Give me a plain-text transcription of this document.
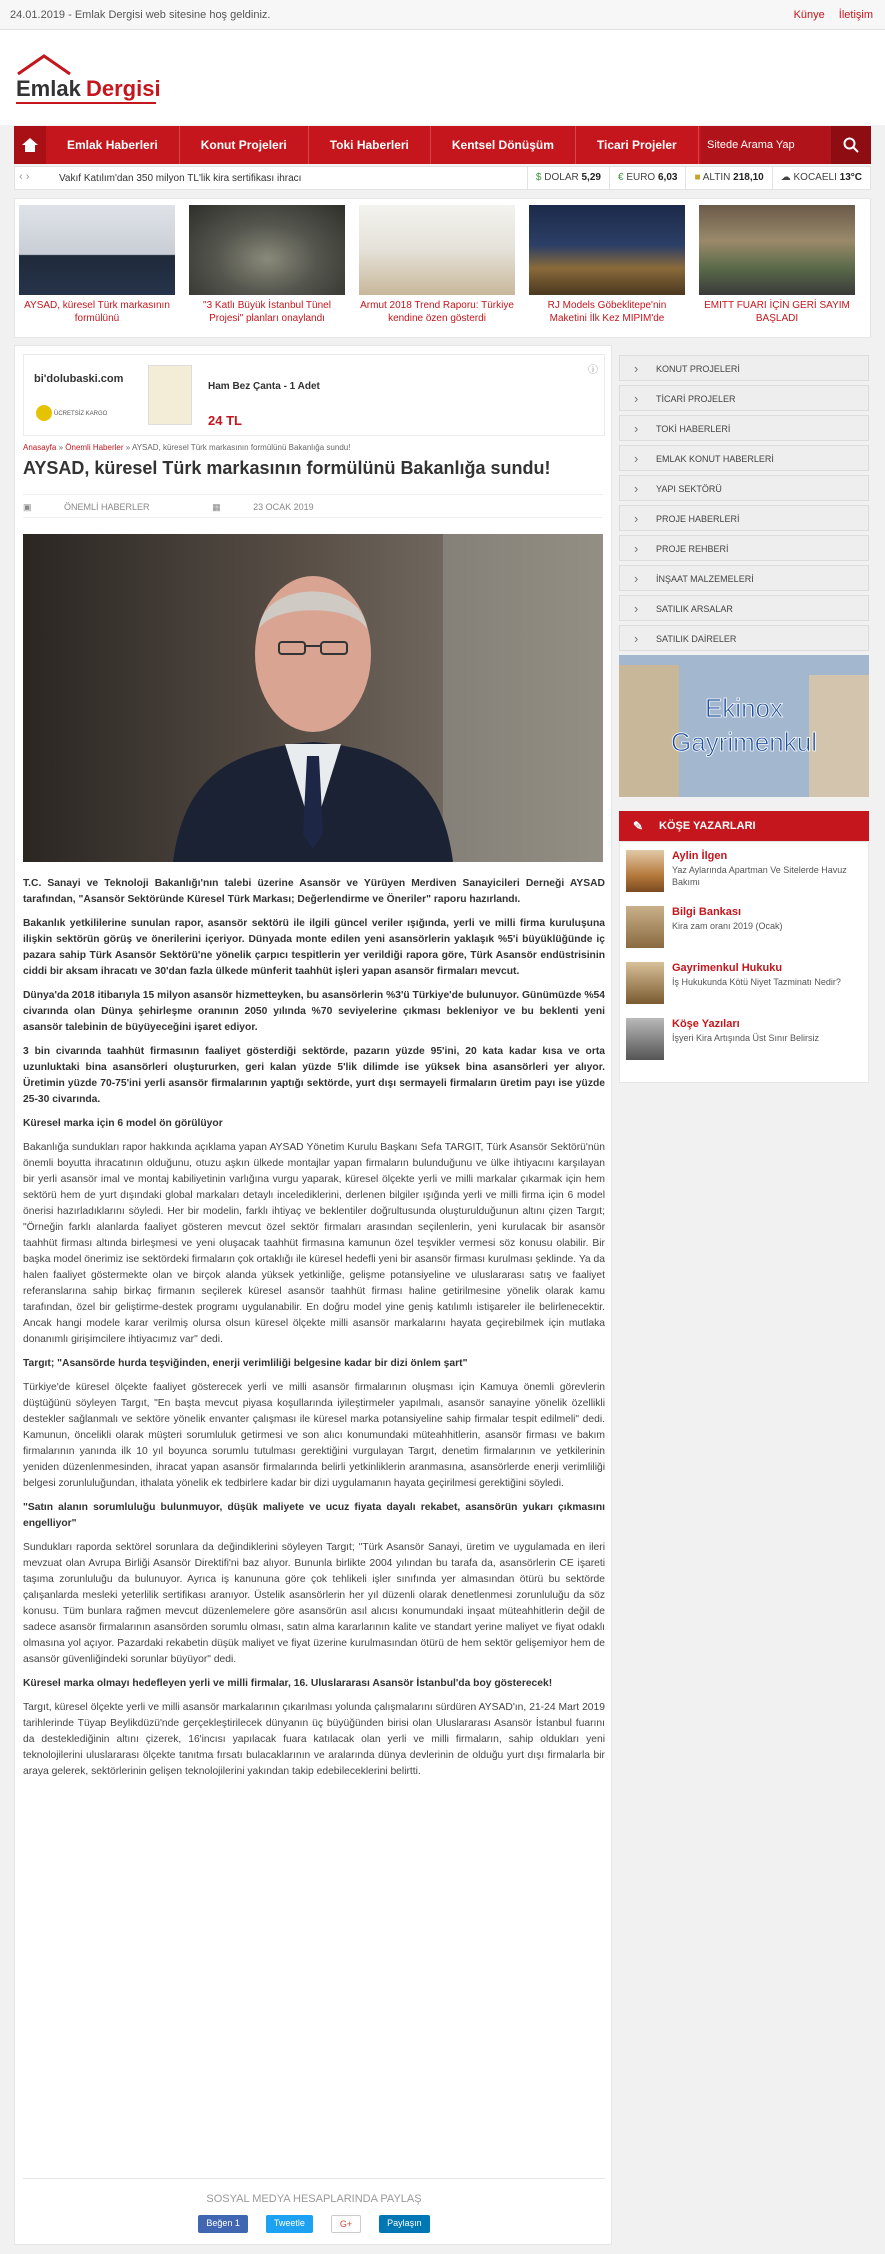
24.01.2019 - Emlak Dergisi web sitesine hoş geldiniz.	Künye İletişim
Emlak Dergisi
Emlak Haberleri	Konut Projeleri	Toki Haberleri	Kentsel Dönüşüm	Ticari Projeler	Sitede Arama Yap
‹ ›	Vakıf Katılım'dan 350 milyon TL'lik kira sertifikası ihracı	$ DOLAR 5,29	€ EURO 6,03	■ ALTIN 218,10	☁ KOCAELI 13°C
AYSAD, küresel Türk markasının formülünü
"3 Katlı Büyük İstanbul Tünel Projesi" planları onaylandı
Armut 2018 Trend Raporu: Türkiye kendine özen gösterdi
RJ Models Göbeklitepe'nin Maketini İlk Kez MIPIM'de
EMITT FUARI İÇİN GERİ SAYIM BAŞLADI
bi'dolubaski.com
ÜCRETSİZ KARGO
Ham Bez Çanta - 1 Adet
24 TL
ⓘ
Anasayfa » Önemli Haberler » AYSAD, küresel Türk markasının formülünü Bakanlığa sundu!
AYSAD, küresel Türk markasının formülünü Bakanlığa sundu!
▣	ÖNEMLİ HABERLER	▦	23 OCAK 2019

T.C. Sanayi ve Teknoloji Bakanlığı'nın talebi üzerine Asansör ve Yürüyen Merdiven Sanayicileri Derneği AYSAD tarafından, "Asansör Sektöründe Küresel Türk Markası; Değerlendirme ve Öneriler" raporu hazırlandı.

Bakanlık yetkililerine sunulan rapor, asansör sektörü ile ilgili güncel veriler ışığında, yerli ve milli firma kuruluşuna ilişkin sektörün görüş ve önerilerini içeriyor. Dünyada monte edilen yeni asansörlerin yaklaşık %5'i büyüklüğünde iç pazara sahip Türk Asansör Sektörü'ne yönelik çarpıcı tespitlerin yer verildiği rapora göre, Türk Asansör endüstrisinin ciddi bir aksam ihracatı ve 30'dan fazla ülkede münferit taahhüt işleri yapan asansör firmaları mevcut.

Dünya'da 2018 itibarıyla 15 milyon asansör hizmetteyken, bu asansörlerin %3'ü Türkiye'de bulunuyor. Günümüzde %54 civarında olan Dünya şehirleşme oranının 2050 yılında %70 seviyelerine çıkması bekleniyor ve bu beklenti yeni asansör talebinin de büyüyeceğini işaret ediyor.

3 bin civarında taahhüt firmasının faaliyet gösterdiği sektörde, pazarın yüzde 95'ini, 20 kata kadar kısa ve orta uzunluktaki bina asansörleri oluştururken, geri kalan yüzde 5'lik dilimde ise yüksek bina asansörleri yer alıyor. Üretimin yüzde 70-75'ini yerli asansör firmalarının yaptığı sektörde, yurt dışı sermayeli firmaların üretim payı ise yüzde 25-30 civarında.

Küresel marka için 6 model ön görülüyor

Bakanlığa sundukları rapor hakkında açıklama yapan AYSAD Yönetim Kurulu Başkanı Sefa TARGIT, Türk Asansör Sektörü'nün önemli boyutta ihracatının olduğunu, otuzu aşkın ülkede montajlar yapan firmaların bulunduğunu ve ülke ihtiyacını karşılayan bir yerli asansör imal ve montaj kabiliyetinin varlığına vurgu yaparak, küresel ölçekte yerli ve milli markalar çıkarmak için hem sektörü hem de yurt dışındaki global markaları detaylı incelediklerini, derlenen bilgiler ışığında yerli ve milli firma için 6 model önerisi hazırladıklarını söyledi. Her bir modelin, farklı ihtiyaç ve beklentiler doğrultusunda oluşturulduğunun altını çizen Targıt; "Örneğin farklı alanlarda faaliyet gösteren mevcut özel sektör firmaları arasından seçilenlerin, yeni kurulacak bir asansör taahhüt firması altında birleşmesi ve yeni oluşacak taahhüt firmasına kamunun özel teşvikler vermesi söz konusu olabilir. Bir başka model önerimiz ise sektördeki firmaların çok ortaklığı ile küresel hedefli yeni bir asansör firması kurulması şeklinde. Ya da halen faaliyet göstermekte olan ve birçok alanda yüksek yetkinliğe, gelişme potansiyeline ve uluslararası satış ve faaliyet referanslarına sahip birkaç firmanın seçilerek küresel asansör taahhüt firması haline getirilmesine yönelik olarak kamu tarafından, özel bir geliştirme-destek programı uygulanabilir. En doğru model yine geniş katılımlı istişareler ile belirlenecektir. Ancak hangi modele karar verilmiş olursa olsun küresel ölçekte milli asansör markalarını hayata geçirebilmek için mutlaka donanımlı girişimcilere ihtiyacımız var" dedi.

Targıt; "Asansörde hurda teşviğinden, enerji verimliliği belgesine kadar bir dizi önlem şart"

Türkiye'de küresel ölçekte faaliyet gösterecek yerli ve milli asansör firmalarının oluşması için Kamuya önemli görevlerin düştüğünü söyleyen Targıt, "En başta mevcut piyasa koşullarında iyileştirmeler yapılmalı, asansör sanayine yönelik özellikli destekler sağlanmalı ve sektöre yönelik envanter çalışması ile küresel marka potansiyeline sahip firmalar tespit edilmeli" dedi. Kamunun, öncelikli olarak müşteri sorumluluk getirmesi ve son alıcı konumundaki müteahhitlerin, asansör firması ve bakım firmalarının yanında ilk 10 yıl boyunca sorumlu tutulması gerektiğini vurgulayan Targıt, denetim firmalarının ve yetkilerinin yeniden düzenlenmesinden, ihracat yapan asansör firmalarında belirli yetkinliklerin aranmasına, asansörlerde enerji verimliliği belgesi zorunluluğundan, ithalata yönelik ek tedbirlere kadar bir dizi uygulamanın hayata geçirilmesi gerektiğini söyledi.

"Satın alanın sorumluluğu bulunmuyor, düşük maliyete ve ucuz fiyata dayalı rekabet, asansörün yukarı çıkmasını engelliyor"

Sundukları raporda sektörel sorunlara da değindiklerini söyleyen Targıt; "Türk Asansör Sanayi, üretim ve uygulamada en ileri mevzuat olan Avrupa Birliği Asansör Direktifi'ni baz alıyor. Bununla birlikte 2004 yılından bu tarafa da, asansörlerin CE işareti taşıma zorunluluğu da bulunuyor. Ayrıca iş kanununa göre çok tehlikeli işler sınıfında yer almasından ötürü bu sektörde çalışanlarda mesleki yeterlilik sertifikası aranıyor. Üstelik asansörlerin her yıl düzenli olarak denetlenmesi zorunluluğu da söz konusu. Tüm bunlara rağmen mevcut düzenlemelere göre asansörün asıl alıcısı konumundaki inşaat müteahhitlerin değil de sadece asansör firmalarının asansörden sorumlu olması, satın alma kararlarının kalite ve standart yerine maliyet ve fiyat odaklı olmasına yol açıyor. Pazardaki rekabetin düşük maliyet ve fiyat üzerine kurulmasından ötürü de hem sektör gelişemiyor hem de asansör güvenliğindeki sorunlar büyüyor" dedi.

Küresel marka olmayı hedefleyen yerli ve milli firmalar, 16. Uluslararası Asansör İstanbul'da boy gösterecek!

Targıt, küresel ölçekte yerli ve milli asansör markalarının çıkarılması yolunda çalışmalarını sürdüren AYSAD'ın, 21-24 Mart 2019 tarihlerinde Tüyap Beylikdüzü'nde gerçekleştirilecek dünyanın üç büyüğünden birisi olan Uluslararası Asansör İstanbul fuarını da desteklediğinin altını çizerek, 16'incısı yapılacak fuara katılacak olan yerli ve milli firmaların, sahip oldukları yeni teknolojilerini uluslararası ölçekte tanıtma fırsatı bulacaklarının ve aralarında dünya devlerinin de olduğu yurt dışı firmalarla bir araya gelerek, sektörlerinin gelişen teknolojilerini yakından takip edebileceklerini belirtti.

SOSYAL MEDYA HESAPLARINDA PAYLAŞ
Beğen 1	Tweetle	G+	Paylaşın
› KONUT PROJELERİ
› TİCARİ PROJELER
› TOKİ HABERLERİ
› EMLAK KONUT HABERLERİ
› YAPI SEKTÖRÜ
› PROJE HABERLERİ
› PROJE REHBERİ
› İNŞAAT MALZEMELERİ
› SATILIK ARSALAR
› SATILIK DAİRELER
Ekinox
Gayrimenkul
✎ KÖŞE YAZARLARI
Aylin İlgen
Yaz Aylarında Apartman Ve Sitelerde Havuz Bakımı
Bilgi Bankası
Kira zam oranı 2019 (Ocak)
Gayrimenkul Hukuku
İş Hukukunda Kötü Niyet Tazminatı Nedir?
Köşe Yazıları
İşyeri Kira Artışında Üst Sınır Belirsiz
